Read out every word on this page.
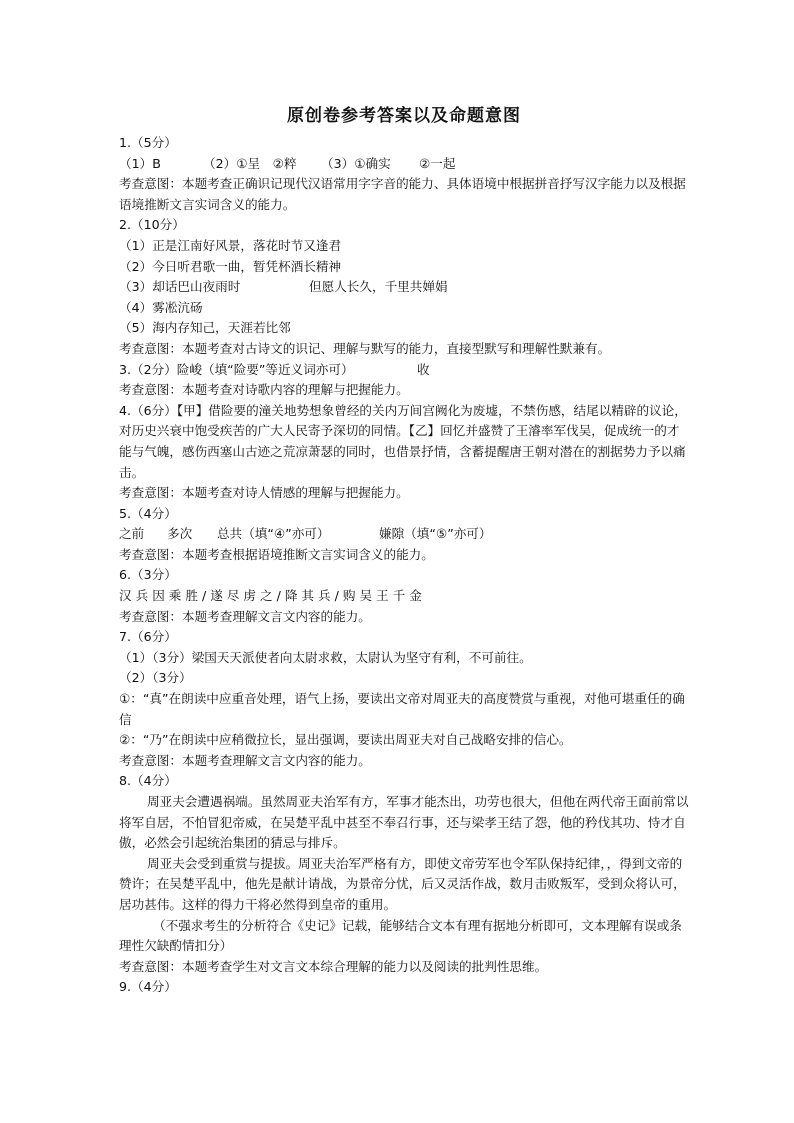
原创卷参考答案以及命题意图
1.（5分）
（1）B	（2）①呈　②粹 （3）①确实 ②一起
考查意图：本题考查正确识记现代汉语常用字字音的能力、具体语境中根据拼音抒写汉字能力以及根据语境推断文言实词含义的能力。
2.（10分）
（1）正是江南好风景，落花时节又逢君
（2）今日听君歌一曲，暂凭杯酒长精神
（3）却话巴山夜雨时	但愿人长久，千里共婵娟
（4）雾凇沆砀
（5）海内存知己，天涯若比邻
考查意图：本题考查对古诗文的识记、理解与默写的能力，直接型默写和理解性默兼有。
3.（2分）险峻（填“险要”等近义词亦可）	收
考查意图：本题考查对诗歌内容的理解与把握能力。
4.（6分）【甲】借险要的潼关地势想象曾经的关内万间宫阙化为废墟，不禁伤感，结尾以精辟的议论，对历史兴衰中饱受疾苦的广大人民寄予深切的同情。【乙】回忆并盛赞了王濬率军伐吴，促成统一的才能与气魄，感伤西塞山古迹之荒凉萧瑟的同时，也借景抒情，含蓄提醒唐王朝对潜在的割据势力予以痛击。
考查意图：本题考查对诗人情感的理解与把握能力。
5.（4分）
之前 多次 总共（填“④”亦可）	嫌隙（填“⑤”亦可）
考查意图：本题考查根据语境推断文言实词含义的能力。
6.（3分）
汉兵因乘胜/遂尽虏之/降其兵/购吴王千金
考查意图：本题考查理解文言文内容的能力。
7.（6分）
（1）（3分）梁国天天派使者向太尉求救，太尉认为坚守有利，不可前往。
（2）（3分）
①：“真”在朗读中应重音处理，语气上扬，要读出文帝对周亚夫的高度赞赏与重视，对他可堪重任的确信
②：“乃”在朗读中应稍微拉长，显出强调，要读出周亚夫对自己战略安排的信心。
考查意图：本题考查理解文言文内容的能力。
8.（4分）
周亚夫会遭遇祸端。虽然周亚夫治军有方，军事才能杰出，功劳也很大，但他在两代帝王面前常以将军自居，不怕冒犯帝威，在吴楚平乱中甚至不奉召行事，还与梁孝王结了怨，他的矜伐其功、恃才自傲，必然会引起统治集团的猜忌与排斥。
周亚夫会受到重赏与提拔。周亚夫治军严格有方，即使文帝劳军也令军队保持纪律，，得到文帝的赞许；在吴楚平乱中，他先是献计请战，为景帝分忧，后又灵活作战，数月击败叛军，受到众将认可，居功甚伟。这样的得力干将必然得到皇帝的重用。
（不强求考生的分析符合《史记》记载，能够结合文本有理有据地分析即可，文本理解有误或条理性欠缺酌情扣分）
考查意图：本题考查学生对文言文本综合理解的能力以及阅读的批判性思维。
9.（4分）
